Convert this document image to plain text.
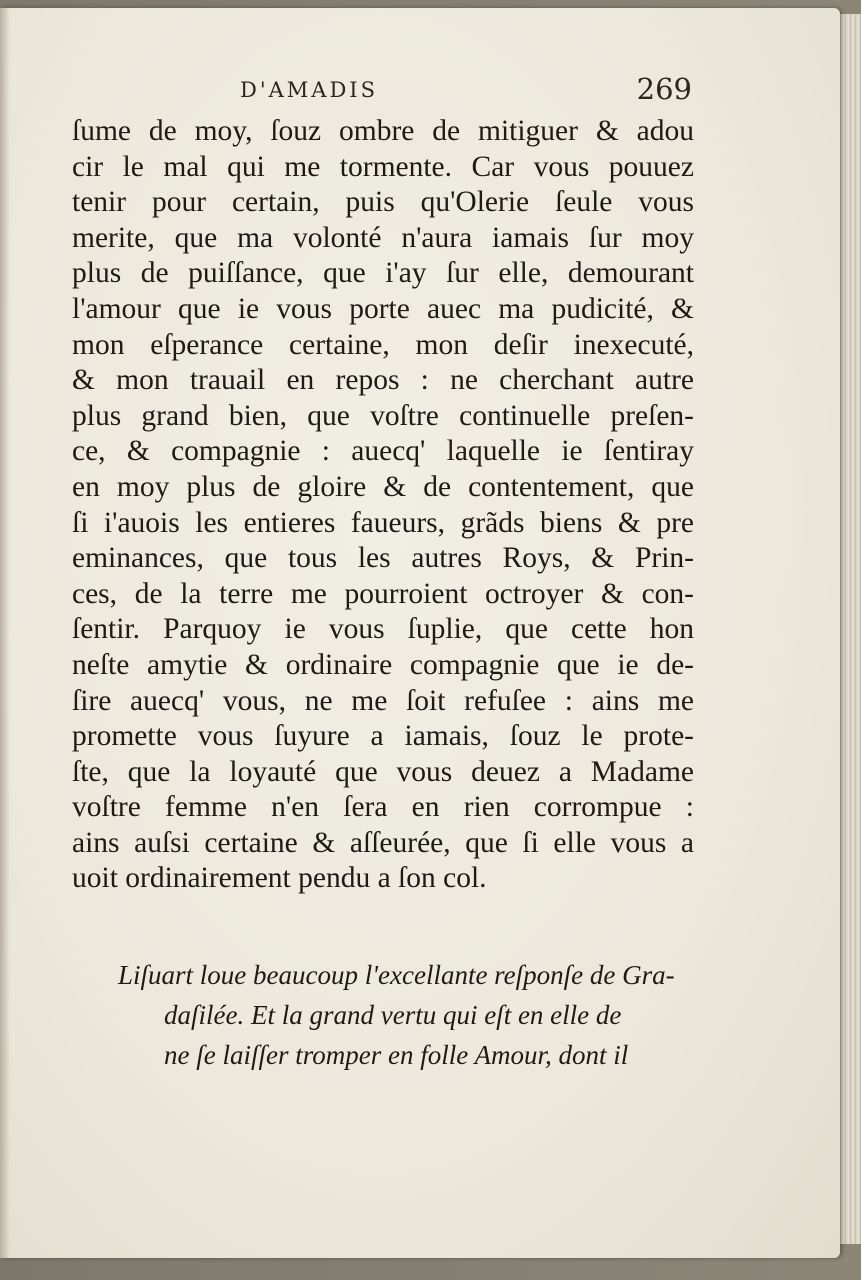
D'AMADIS	269
ſume de moy, ſouz ombre de mitiguer & adou
cir le mal qui me tormente. Car vous pouuez
tenir pour certain, puis qu'Olerie ſeule vous
merite, que ma volonté n'aura iamais ſur moy
plus de puiſſance, que i'ay ſur elle, demourant
l'amour que ie vous porte auec ma pudicité, &
mon eſperance certaine, mon deſir inexecuté,
& mon trauail en repos : ne cherchant autre
plus grand bien, que voſtre continuelle preſen-
ce, & compagnie : auecq' laquelle ie ſentiray
en moy plus de gloire & de contentement, que
ſi i'auois les entieres faueurs, grãds biens & pre
eminances, que tous les autres Roys, & Prin-
ces, de la terre me pourroient octroyer & con-
ſentir. Parquoy ie vous ſuplie, que cette hon
neſte amytie & ordinaire compagnie que ie de-
ſire auecq' vous, ne me ſoit refuſee : ains me
promette vous ſuyure a iamais, ſouz le prote-
ſte, que la loyauté que vous deuez a Madame
voſtre femme n'en ſera en rien corrompue :
ains auſsi certaine & aſſeurée, que ſi elle vous a
uoit ordinairement pendu a ſon col.
Liſuart loue beaucoup l'excellante reſponſe de Gra-
daſilée. Et la grand vertu qui eſt en elle de
ne ſe laiſſer tromper en folle Amour, dont il
